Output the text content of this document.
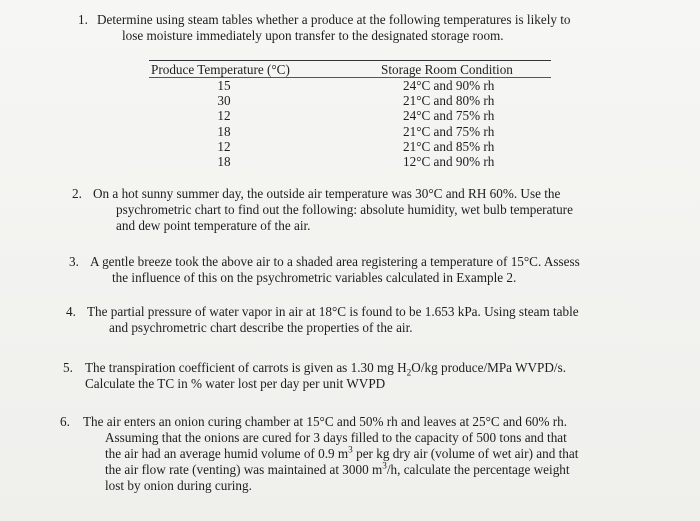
1. Determine using steam tables whether a produce at the following temperatures is likely to
lose moisture immediately upon transfer to the designated storage room.
Produce Temperature (°C)	Storage Room Condition
15	24°C and 90% rh
30	21°C and 80% rh
12	24°C and 75% rh
18	21°C and 75% rh
12	21°C and 85% rh
18	12°C and 90% rh
2. On a hot sunny summer day, the outside air temperature was 30°C and RH 60%. Use the
psychrometric chart to find out the following: absolute humidity, wet bulb temperature
and dew point temperature of the air.
3. A gentle breeze took the above air to a shaded area registering a temperature of 15°C. Assess
the influence of this on the psychrometric variables calculated in Example 2.
4. The partial pressure of water vapor in air at 18°C is found to be 1.653 kPa. Using steam table
and psychrometric chart describe the properties of the air.
5. The transpiration coefficient of carrots is given as 1.30 mg $H_2O/kg$ produce/MPa WVPD/s.
Calculate the TC in % water lost per day per unit WVPD
6. The air enters an onion curing chamber at 15°C and 50% rh and leaves at 25°C and 60% rh.
Assuming that the onions are cured for 3 days filled to the capacity of 500 tons and that
the air had an average humid volume of 0.9 $m^3$ per kg dry air (volume of wet air) and that
the air flow rate (venting) was maintained at 3000 $m^3/h$, calculate the percentage weight
lost by onion during curing.
